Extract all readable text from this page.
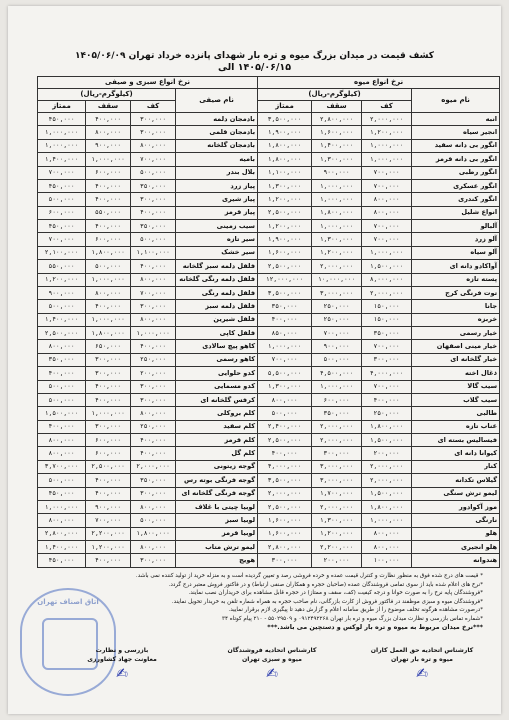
کشف قیمت در میدان بزرگ میوه و تره بار شهدای پانزده خرداد تهران ۱۴۰۵/۰۶/۰۹
۱۴۰۵/۰۶/۱۵ الی
نرخ انواع میوه				نرخ انواع سبزی و صیفی			
نام میوه	(کیلوگرم-ریال)			نام صیفی	(کیلوگرم-ریال)		
	کف	سقف	ممتاز		کف	سقف	ممتاز
انبه	۲,۰۰۰,۰۰۰	۲,۸۰۰,۰۰۰	۳,۵۰۰,۰۰۰	بادمجان دلمه	۳۰۰,۰۰۰	۴۰۰,۰۰۰	۴۵۰,۰۰۰
انجیر سیاه	۱,۲۰۰,۰۰۰	۱,۶۰۰,۰۰۰	۱,۹۰۰,۰۰۰	بادمجان قلمی	۳۰۰,۰۰۰	۸۰۰,۰۰۰	۱,۰۰۰,۰۰۰
انگور بی دانه سفید	۱,۰۰۰,۰۰۰	۱,۴۰۰,۰۰۰	۱,۸۰۰,۰۰۰	بادمجان گلخانه	۸۰۰,۰۰۰	۹۰۰,۰۰۰	۱,۰۰۰,۰۰۰
انگور بی دانه قرمز	۱,۰۰۰,۰۰۰	۱,۳۰۰,۰۰۰	۱,۸۰۰,۰۰۰	بامیه	۷۰۰,۰۰۰	۱,۰۰۰,۰۰۰	۱,۴۰۰,۰۰۰
انگور رطبی	۷۰۰,۰۰۰	۹۰۰,۰۰۰	۱,۱۰۰,۰۰۰	بلال بندر	۵۰۰,۰۰۰	۶۰۰,۰۰۰	۷۰۰,۰۰۰
انگور عسکری	۷۰۰,۰۰۰	۱,۰۰۰,۰۰۰	۱,۳۰۰,۰۰۰	پیاز زرد	۳۵۰,۰۰۰	۴۰۰,۰۰۰	۴۵۰,۰۰۰
انگور کندری	۸۰۰,۰۰۰	۱,۰۰۰,۰۰۰	۱,۲۰۰,۰۰۰	پیاز شیری	۳۰۰,۰۰۰	۴۰۰,۰۰۰	۵۰۰,۰۰۰
انواع شلیل	۸۰۰,۰۰۰	۱,۸۰۰,۰۰۰	۲,۵۰۰,۰۰۰	پیاز قرمز	۴۰۰,۰۰۰	۵۵۰,۰۰۰	۶۰۰,۰۰۰
آلبالو	۷۰۰,۰۰۰	۱,۰۰۰,۰۰۰	۱,۲۰۰,۰۰۰	سیب زمینی	۳۵۰,۰۰۰	۴۰۰,۰۰۰	۴۵۰,۰۰۰
آلو زرد	۷۰۰,۰۰۰	۱,۳۰۰,۰۰۰	۱,۹۰۰,۰۰۰	سیر تازه	۵۰۰,۰۰۰	۶۰۰,۰۰۰	۷۰۰,۰۰۰
آلو سیاه	۱,۰۰۰,۰۰۰	۱,۲۰۰,۰۰۰	۱,۶۰۰,۰۰۰	سیر خشک	۱,۱۰۰,۰۰۰	۱,۸۰۰,۰۰۰	۲,۱۰۰,۰۰۰
آواکادو دانه ای	۱,۵۰۰,۰۰۰	۲,۰۰۰,۰۰۰	۲,۵۰۰,۰۰۰	فلفل دلمه سبز گلخانه	۴۰۰,۰۰۰	۵۰۰,۰۰۰	۵۵۰,۰۰۰
پسته تازه	۸,۰۰۰,۰۰۰	۱۰,۰۰۰,۰۰۰	۱۲,۰۰۰,۰۰۰	فلفل دلمه رنگی گلخانه	۸۰۰,۰۰۰	۱,۰۰۰,۰۰۰	۱,۲۰۰,۰۰۰
توت فرنگی کرج	۲,۰۰۰,۰۰۰	۳,۰۰۰,۰۰۰	۳,۵۰۰,۰۰۰	فلفل دلمه رنگی	۷۰۰,۰۰۰	۸۰۰,۰۰۰	۹۰۰,۰۰۰
جانا	۱۵۰,۰۰۰	۲۵۰,۰۰۰	۳۵۰,۰۰۰	فلفل دلمه سبز	۳۰۰,۰۰۰	۴۰۰,۰۰۰	۵۰۰,۰۰۰
خربزه	۱۵۰,۰۰۰	۲۵۰,۰۰۰	۴۰۰,۰۰۰	فلفل شیرین	۸۰۰,۰۰۰	۱,۰۰۰,۰۰۰	۱,۴۰۰,۰۰۰
خیار رسمی	۳۵۰,۰۰۰	۷۰۰,۰۰۰	۸۵۰,۰۰۰	فلفل کاپی	۱,۰۰۰,۰۰۰	۱,۸۰۰,۰۰۰	۲,۵۰۰,۰۰۰
خیار مینی اصفهان	۷۰۰,۰۰۰	۹۰۰,۰۰۰	۱,۰۰۰,۰۰۰	کاهو پیچ سالادی	۴۰۰,۰۰۰	۶۵۰,۰۰۰	۸۰۰,۰۰۰
خیار گلخانه ای	۳۰۰,۰۰۰	۵۰۰,۰۰۰	۷۰۰,۰۰۰	کاهو رسمی	۲۵۰,۰۰۰	۳۰۰,۰۰۰	۳۵۰,۰۰۰
ذغال اخته	۴,۰۰۰,۰۰۰	۴,۵۰۰,۰۰۰	۵,۵۰۰,۰۰۰	کدو حلوایی	۲۰۰,۰۰۰	۳۰۰,۰۰۰	۴۰۰,۰۰۰
سیب گالا	۷۰۰,۰۰۰	۱,۰۰۰,۰۰۰	۱,۳۰۰,۰۰۰	کدو مسمایی	۳۰۰,۰۰۰	۴۰۰,۰۰۰	۵۰۰,۰۰۰
سیب گلاب	۴۰۰,۰۰۰	۶۰۰,۰۰۰	۸۰۰,۰۰۰	کرفس گلخانه ای	۳۰۰,۰۰۰	۴۰۰,۰۰۰	۵۰۰,۰۰۰
طالبی	۲۵۰,۰۰۰	۳۵۰,۰۰۰	۵۰۰,۰۰۰	کلم بروکلی	۸۰۰,۰۰۰	۱,۰۰۰,۰۰۰	۱,۵۰۰,۰۰۰
عناب تازه	۱,۸۰۰,۰۰۰	۲,۰۰۰,۰۰۰	۲,۴۰۰,۰۰۰	کلم سفید	۲۵۰,۰۰۰	۳۰۰,۰۰۰	۴۰۰,۰۰۰
فیسالیس بسته ای	۱,۵۰۰,۰۰۰	۲,۰۰۰,۰۰۰	۲,۵۰۰,۰۰۰	کلم قرمز	۴۰۰,۰۰۰	۶۰۰,۰۰۰	۸۰۰,۰۰۰
کیوانا دانه ای	۲۰۰,۰۰۰	۳۰۰,۰۰۰	۴۰۰,۰۰۰	کلم گل	۴۰۰,۰۰۰	۶۰۰,۰۰۰	۸۰۰,۰۰۰
کنار	۲,۰۰۰,۰۰۰	۳,۰۰۰,۰۰۰	۴,۰۰۰,۰۰۰	گوجه زیتونی	۲,۰۰۰,۰۰۰	۲,۵۰۰,۰۰۰	۳,۷۰۰,۰۰۰
گیلاس تکدانه	۲,۰۰۰,۰۰۰	۳,۰۰۰,۰۰۰	۳,۵۰۰,۰۰۰	گوجه فرنگی بوته رس	۳۵۰,۰۰۰	۴۰۰,۰۰۰	۵۰۰,۰۰۰
لیمو ترش سنگی	۱,۵۰۰,۰۰۰	۱,۷۰۰,۰۰۰	۲,۰۰۰,۰۰۰	گوجه فرنگی گلخانه ای	۳۰۰,۰۰۰	۴۰۰,۰۰۰	۴۵۰,۰۰۰
موز آکوادور	۱,۸۰۰,۰۰۰	۲,۰۰۰,۰۰۰	۲,۵۰۰,۰۰۰	لوبیا چیتی با غلاف	۸۰۰,۰۰۰	۹۰۰,۰۰۰	۱,۰۰۰,۰۰۰
نارنگی	۱,۰۰۰,۰۰۰	۱,۳۰۰,۰۰۰	۱,۶۰۰,۰۰۰	لوبیا سبز	۵۰۰,۰۰۰	۷۰۰,۰۰۰	۸۰۰,۰۰۰
هلو	۸۰۰,۰۰۰	۱,۲۰۰,۰۰۰	۱,۶۰۰,۰۰۰	لوبیا قرمز	۱,۸۰۰,۰۰۰	۲,۲۰۰,۰۰۰	۲,۸۰۰,۰۰۰
هلو انجیری	۸۰۰,۰۰۰	۲,۲۰۰,۰۰۰	۲,۸۰۰,۰۰۰	لیمو ترش متاب	۸۰۰,۰۰۰	۱,۲۰۰,۰۰۰	۱,۴۰۰,۰۰۰
هندوانه	۱۰۰,۰۰۰	۲۰۰,۰۰۰	۳۰۰,۰۰۰	هویج	۳۰۰,۰۰۰	۴۰۰,۰۰۰	۴۵۰,۰۰۰

* قیمت های درج شده فوق به منظور نظارت و کنترل قیمت عمده و خرده فروشی رصد و تعیین گردیده است و به منزله خرید از تولید کننده نمی باشد.

*نرخ های اعلام شده باید از سوی تمامی فروشندگان عمده (صاحبان حجره و همکاران صنفی ارتباط) و در فاکتور فروش معتبر درج گردد.

*فروشندگان پایه نرخ را به صورت خوانا و درجه کیفیت (کف، سقف و ممتاز) در حجره قابل مشاهده برای خریداران نصب نمایند.

*فروشندگان میوه و سبزی موظفند در فاکتور فروش از کارت بازرگانی، نام صاحب حجره به همراه شماره تلفن به خریدار تحویل نمایند.

*درصورت مشاهده هرگونه تخلف موضوع را از طریق سامانه اعلام و گزارش دهید تا پیگیری لازم برقرار نمایید.

*شماره تماس بازرسی و نظارت میدان بزرگ میوه و تره بار تهران ۰۹۱۲۴۹۲۲۶۸ و ۵۵۰۲۹۵۰۹ - ۲۱۰ پیام کوتاه ۳۴

***نرخ میدان مربوط به میوه و تره بار لوکس و دستچین می باشد.***

اتاق اصناف تهران
کارشناس اتحادیه حق العمل کاران
میوه و تره بار تهران
✍
کارشناس اتحادیه فروشندگان
میوه و سبزی تهران
✍
بازرسی و نظارت
معاونت جهاد کشاورزی
✍
